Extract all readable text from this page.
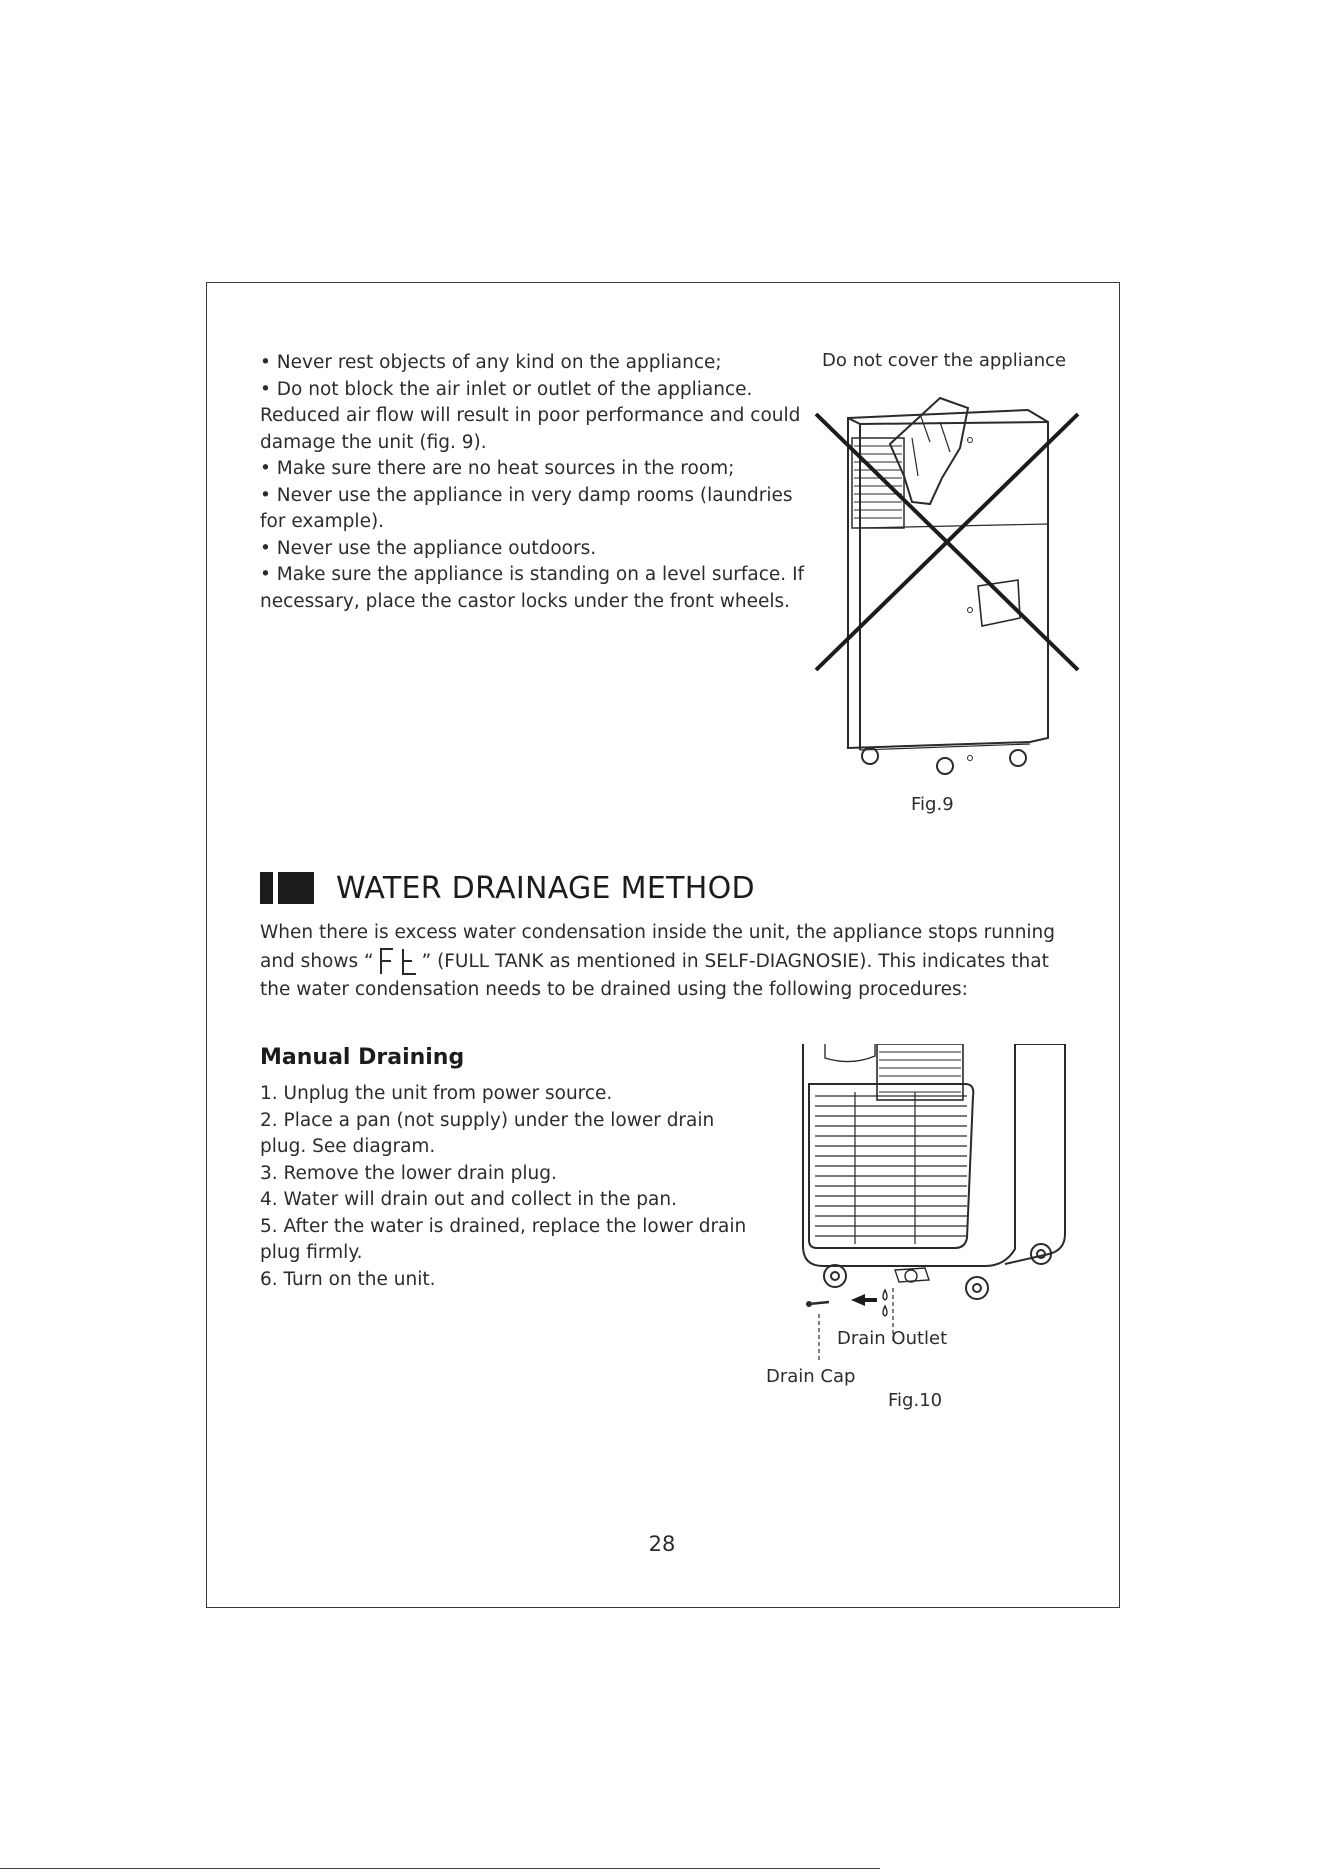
• Never rest objects of any kind on the appliance;

• Do not block the air inlet or outlet of the appliance. Reduced air flow will result in poor performance and could damage the unit (fig. 9).

• Make sure there are no heat sources in the room;

• Never use the appliance in very damp rooms (laundries for example).

• Never use the appliance outdoors.

• Make sure the appliance is standing on a level surface. If necessary, place the castor locks under the front wheels.

Do not cover the appliance
Fig.9
WATER DRAINAGE METHOD

When there is excess water condensation inside the unit, the appliance stops running and shows “	” (FULL TANK as mentioned in SELF-DIAGNOSIE). This indicates that the water condensation needs to be drained using the following procedures:

Manual Draining

1. Unplug the unit from power source.

2. Place a pan (not supply) under the lower drain plug. See diagram.

3. Remove the lower drain plug.

4. Water will drain out and collect in the pan.

5. After the water is drained, replace the lower drain plug firmly.

6. Turn on the unit.

Drain Outlet
Drain Cap
Fig.10
28
